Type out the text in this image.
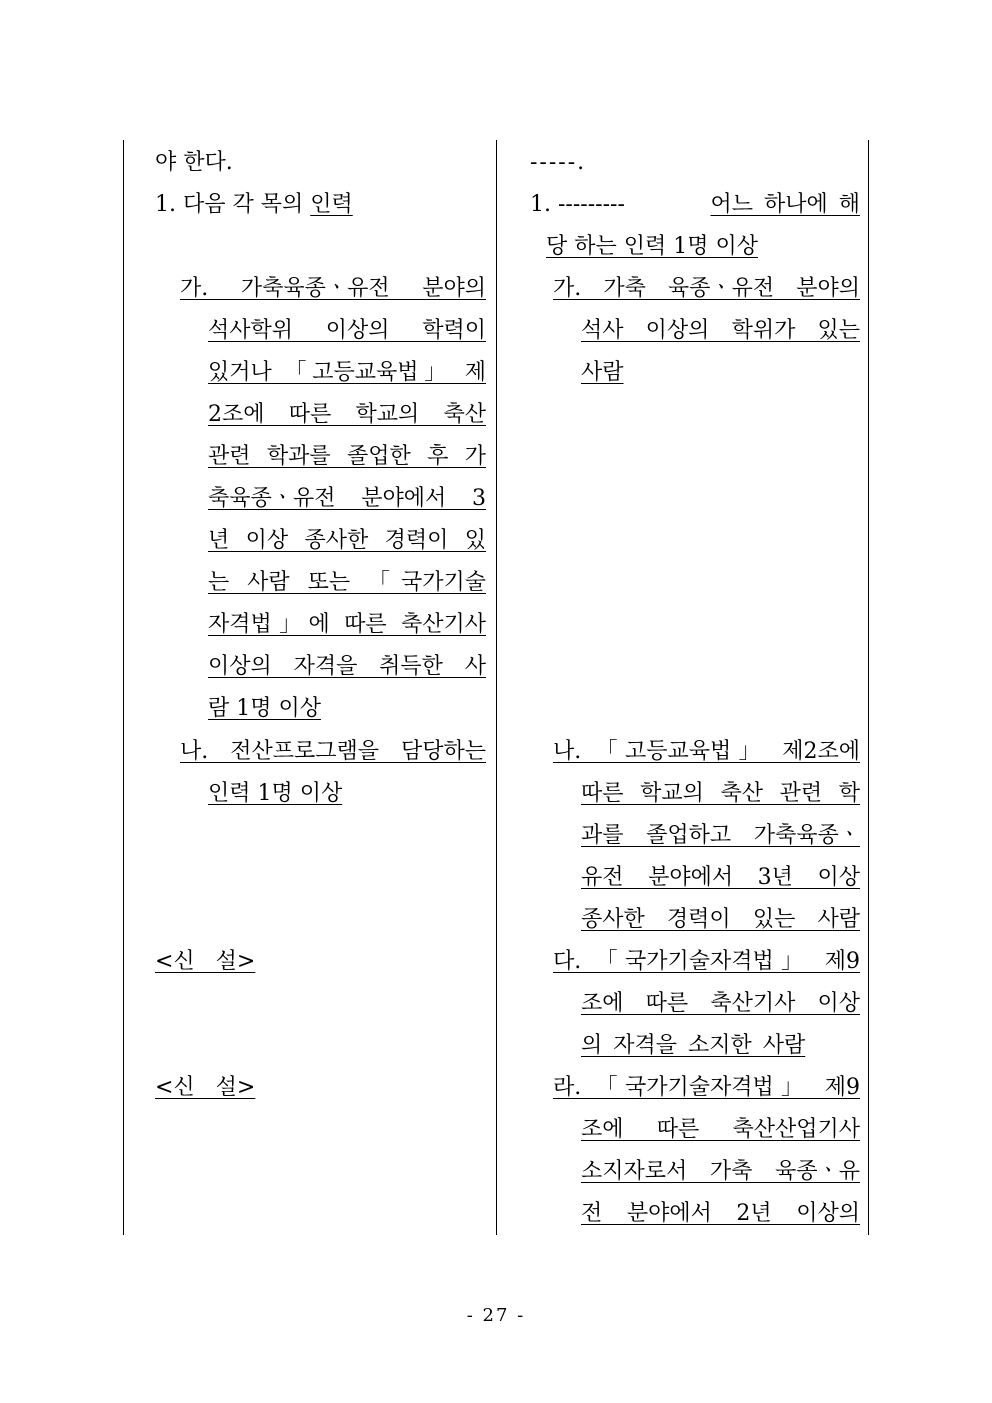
야 한다.
1. 다음 각 목의 인력
가. 가축육종ㆍ유전 분야의
석사학위 이상의 학력이
있거나 「고등교육법」 제
2조에 따른 학교의 축산
관련 학과를 졸업한 후 가
축육종ㆍ유전 분야에서 3
년 이상 종사한 경력이 있
는 사람 또는 「국가기술
자격법」에 따른 축산기사
이상의 자격을 취득한 사
람 1명 이상
나. 전산프로그램을 담당하는
인력 1명 이상
<신 설>
<신 설>
-----.
1. ---------	어느 하나에 해
당 하는 인력 1명 이상
가. 가축 육종ㆍ유전 분야의
석사 이상의 학위가 있는
사람
나. 「고등교육법」 제2조에
따른 학교의 축산 관련 학
과를 졸업하고 가축육종ㆍ
유전 분야에서 3년 이상
종사한 경력이 있는 사람
다. 「국가기술자격법」 제9
조에 따른 축산기사 이상
의 자격을 소지한 사람
라. 「국가기술자격법」 제9
조에 따른 축산산업기사
소지자로서 가축 육종ㆍ유
전 분야에서 2년 이상의
- 27 -
